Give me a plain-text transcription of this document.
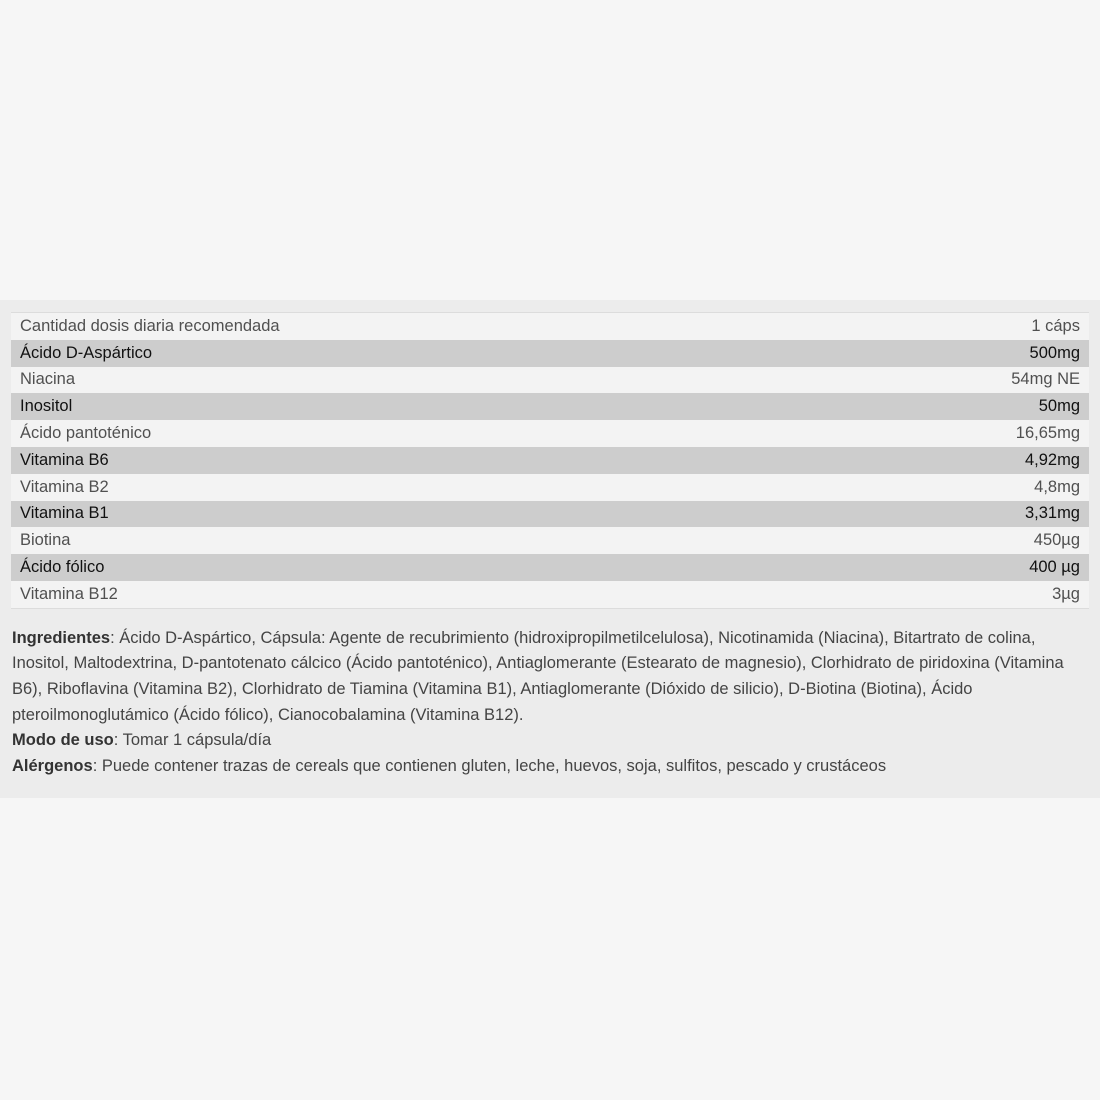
Cantidad dosis diaria recomendada	1 cáps
Ácido D-Aspártico	500mg
Niacina	54mg NE
Inositol	50mg
Ácido pantoténico	16,65mg
Vitamina B6	4,92mg
Vitamina B2	4,8mg
Vitamina B1	3,31mg
Biotina	450µg
Ácido fólico	400 µg
Vitamina B12	3µg

Ingredientes: Ácido D-Aspártico, Cápsula: Agente de recubrimiento (hidroxipropilmetilcelulosa), Nicotinamida (Niacina), Bitartrato de colina, Inositol, Maltodextrina, D-pantotenato cálcico (Ácido pantoténico), Antiaglomerante (Estearato de magnesio), Clorhidrato de piridoxina (Vitamina B6), Riboflavina (Vitamina B2), Clorhidrato de Tiamina (Vitamina B1), Antiaglomerante (Dióxido de silicio), D-Biotina (Biotina), Ácido pteroilmonoglutámico (Ácido fólico), Cianocobalamina (Vitamina B12).

Modo de uso: Tomar 1 cápsula/día

Alérgenos: Puede contener trazas de cereals que contienen gluten, leche, huevos, soja, sulfitos, pescado y crustáceos
